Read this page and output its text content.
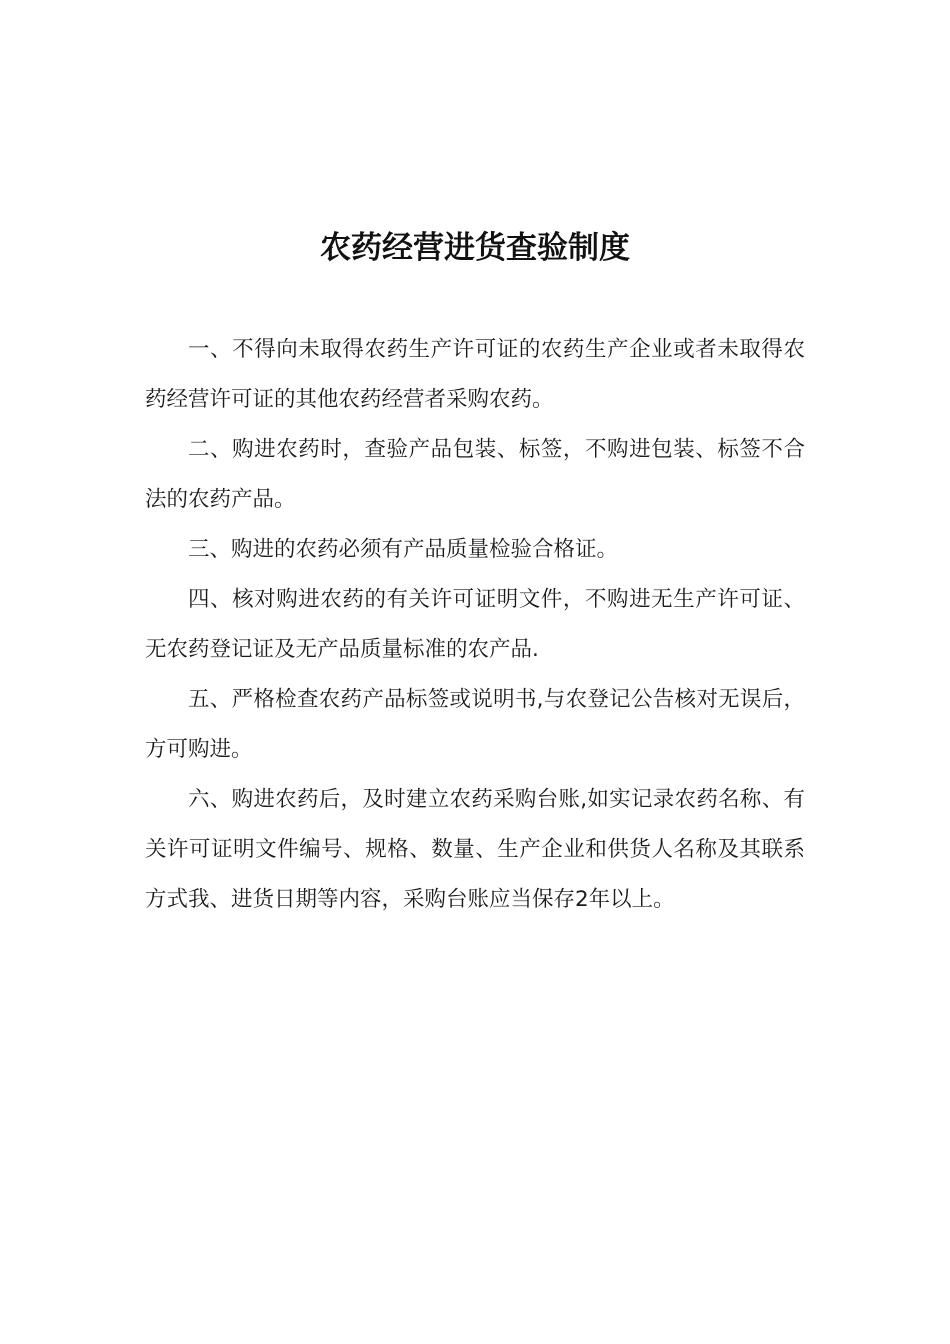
农药经营进货查验制度

一、不得向未取得农药生产许可证的农药生产企业或者未取得农药经营许可证的其他农药经营者采购农药。

二、购进农药时，查验产品包装、标签，不购进包装、标签不合法的农药产品。

三、购进的农药必须有产品质量检验合格证。

四、核对购进农药的有关许可证明文件，不购进无生产许可证、无农药登记证及无产品质量标准的农产品.

五、严格检查农药产品标签或说明书,与农登记公告核对无误后，方可购进。

六、购进农药后，及时建立农药采购台账,如实记录农药名称、有关许可证明文件编号、规格、数量、生产企业和供货人名称及其联系方式我、进货日期等内容，采购台账应当保存2年以上。
